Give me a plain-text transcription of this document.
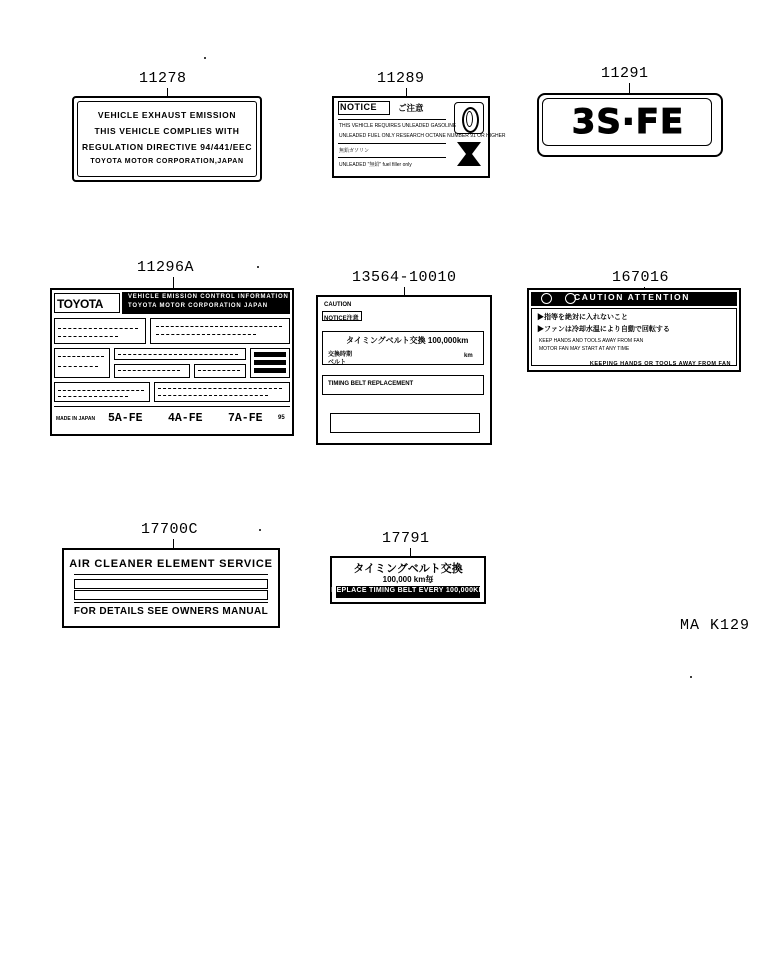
11278
VEHICLE EXHAUST EMISSION
THIS VEHICLE COMPLIES WITH
REGULATION DIRECTIVE 94/441/EEC
TOYOTA MOTOR CORPORATION,JAPAN
11289
NOTICE ご注意
THIS VEHICLE REQUIRES UNLEADED GASOLINE
UNLEADED FUEL ONLY RESEARCH OCTANE NUMBER 91 OR HIGHER
無鉛ガソリン
UNLEADED "無鉛" fuel filler only
11291
3S·FE
11296A
TOYOTA	VEHICLE EMISSION CONTROL INFORMATION
TOYOTA MOTOR CORPORATION JAPAN
MADE IN JAPAN 5A-FE 4A-FE 7A-FE	95
13564-10010
CAUTION
NOTICE注意
タイミングベルト交換 100,000km
交換時期
ベルト
km
TIMING BELT REPLACEMENT
167016
CAUTION ATTENTION
▶指等を絶対に入れないこと
▶ファンは冷却水温により自動で回転する
KEEP HANDS AND TOOLS AWAY FROM FAN
MOTOR FAN MAY START AT ANY TIME
KEEPING HANDS OR TOOLS AWAY FROM FAN
17700C
AIR CLEANER ELEMENT SERVICE
FOR DETAILS SEE OWNERS MANUAL
17791
タイミングベルト交換
100,000 km毎
REPLACE TIMING BELT EVERY 100,000KM
MA K129
